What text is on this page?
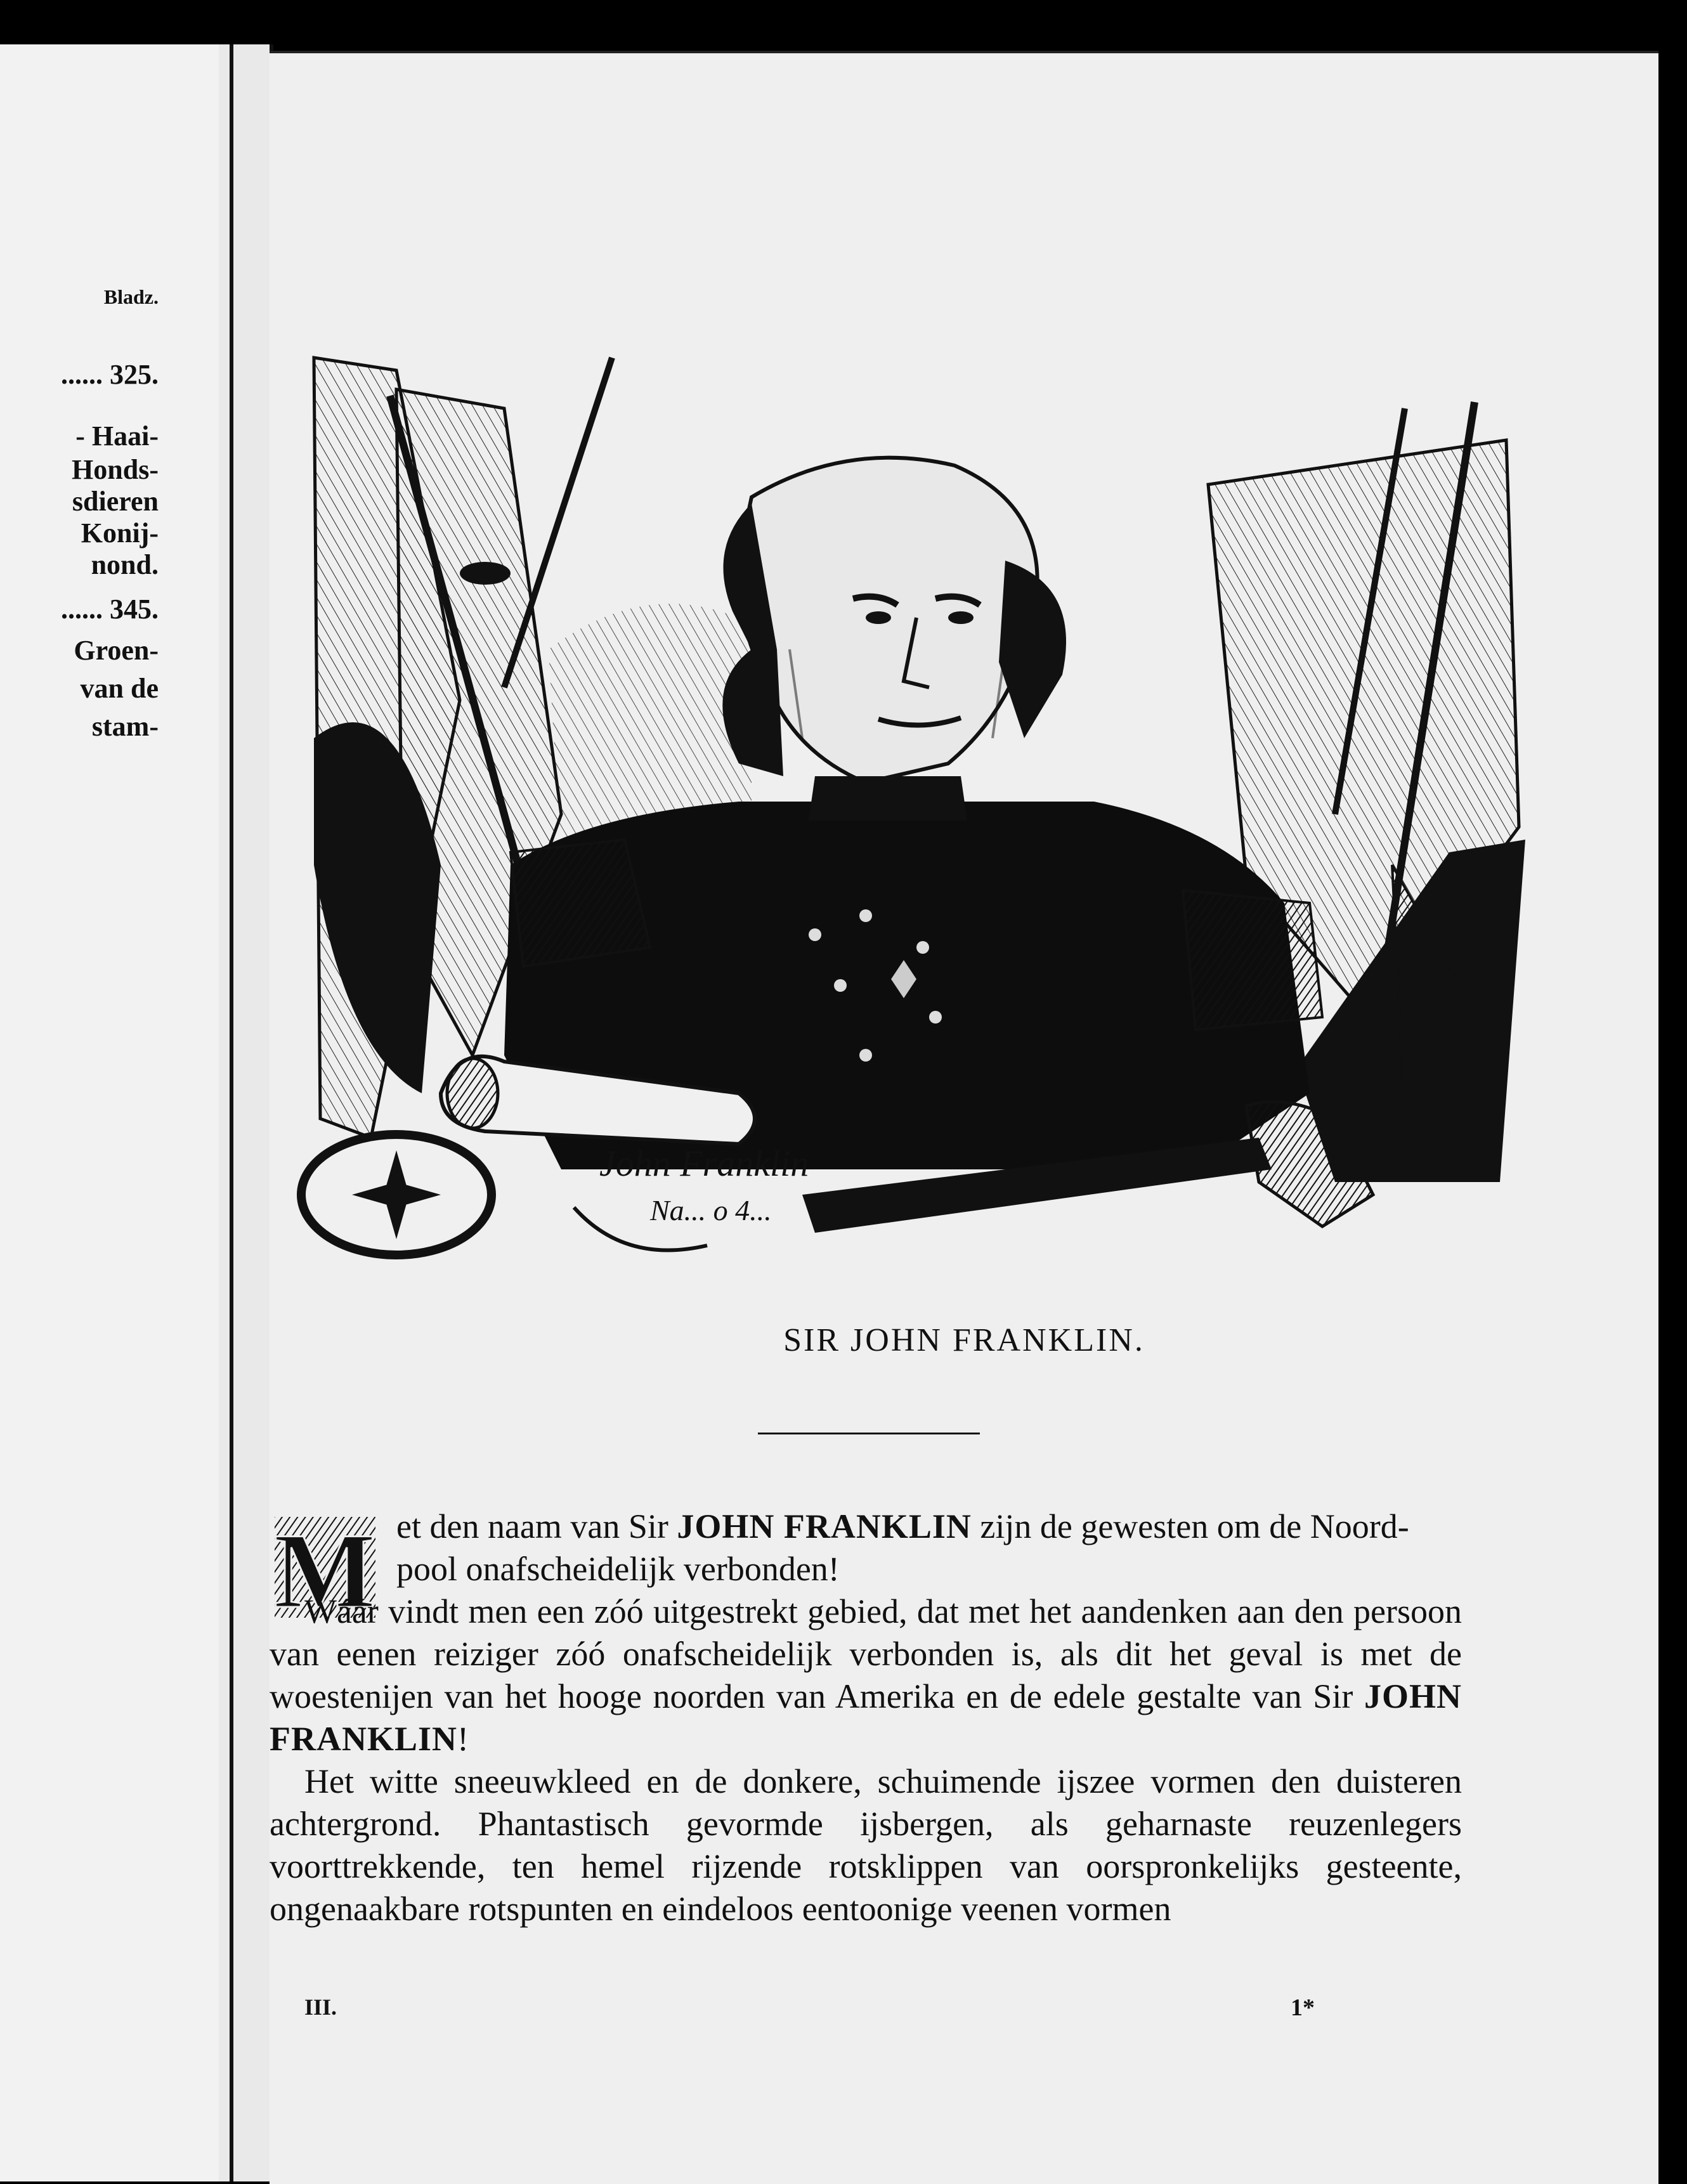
Bladz.
...... 325.
- Haai-
Honds-
sdieren
Konij-
nond.
...... 345.
Groen-
van de
stam-
John Franklin
Na... o 4...
SIR JOHN FRANKLIN.
M et den naam van Sir JOHN FRANKLIN zijn de gewesten om de Noord-

pool onafscheidelijk verbonden!

Wáár vindt men een zóó uitgestrekt gebied, dat met het aandenken aan den persoon van eenen reiziger zóó onafscheidelijk verbonden is, als dit het geval is met de woestenijen van het hooge noorden van Amerika en de edele gestalte van Sir JOHN FRANKLIN!

Het witte sneeuwkleed en de donkere, schuimende ijszee vormen den duisteren achtergrond. Phantastisch gevormde ijsbergen, als geharnaste reuzenlegers voorttrekkende, ten hemel rijzende rotsklippen van oorspronkelijks gesteente, ongenaakbare rotspunten en eindeloos eentoonige veenen vormen

III.	1*
